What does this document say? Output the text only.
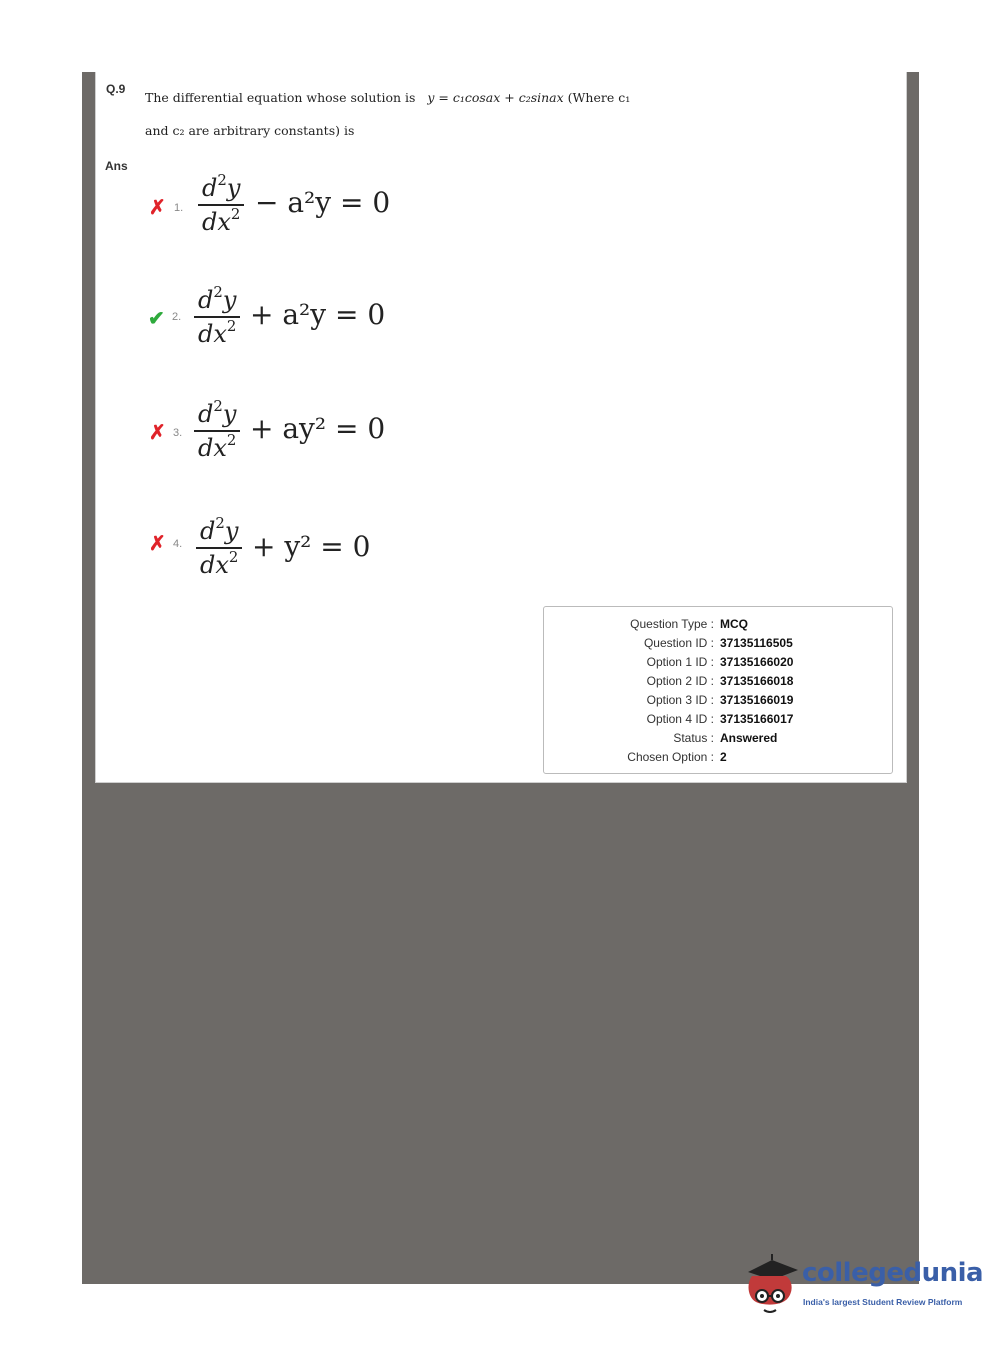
Q.9
The differential equation whose solution is y = c₁cosax + c₂sinax (Where c₁
and c₂ are arbitrary constants) is
Ans
✗ 1.
$d^2y$
$dx^2 - a^2y = 0$
✔ 2.
$d^2y$
$dx^2 + a^2y = 0$
✗ 3.
$d^2y$
$dx^2 + ay^2 = 0$
✗ 4. $d^2y$
$dx^2 + y^2 = 0$
Question Type : MCQ
Question ID : 37135116505
Option 1 ID : 37135166020
Option 2 ID : 37135166018
Option 3 ID : 37135166019
Option 4 ID : 37135166017
Status : Answered
Chosen Option : 2
collegedunia
India's largest Student Review Platform
